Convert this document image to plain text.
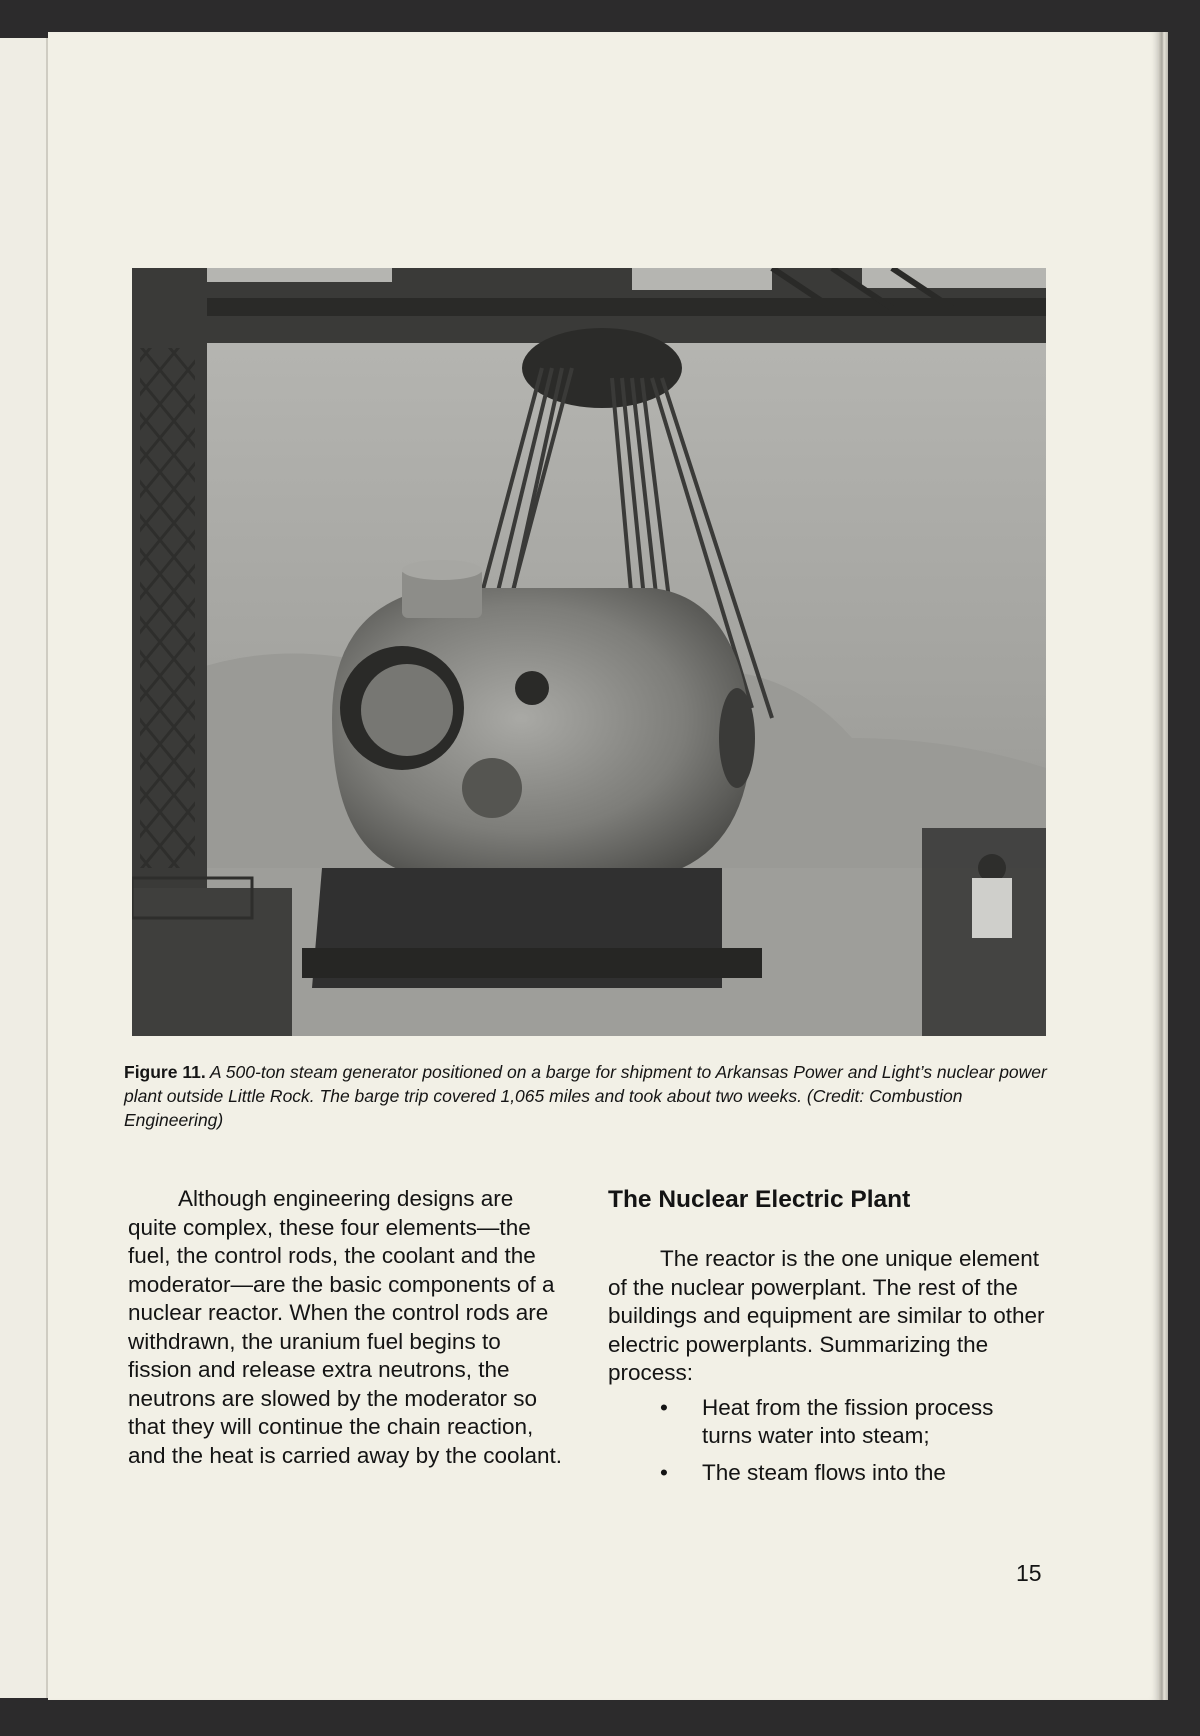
Figure 11. A 500-ton steam generator positioned on a barge for shipment to Arkansas Power and Light’s nuclear power plant outside Little Rock. The barge trip covered 1,065 miles and took about two weeks. (Credit: Combustion Engineering)

Although engineering designs are quite complex, these four elements—the fuel, the control rods, the coolant and the moderator—are the basic components of a nuclear reactor. When the control rods are withdrawn, the uranium fuel begins to fission and release extra neutrons, the neutrons are slowed by the moderator so that they will continue the chain reaction, and the heat is carried away by the coolant.

The Nuclear Electric Plant

The reactor is the one unique element of the nuclear powerplant. The rest of the buildings and equipment are similar to other electric powerplants. Summarizing the process:

• Heat from the fission process turns water into steam;
• The steam flows into the
15
